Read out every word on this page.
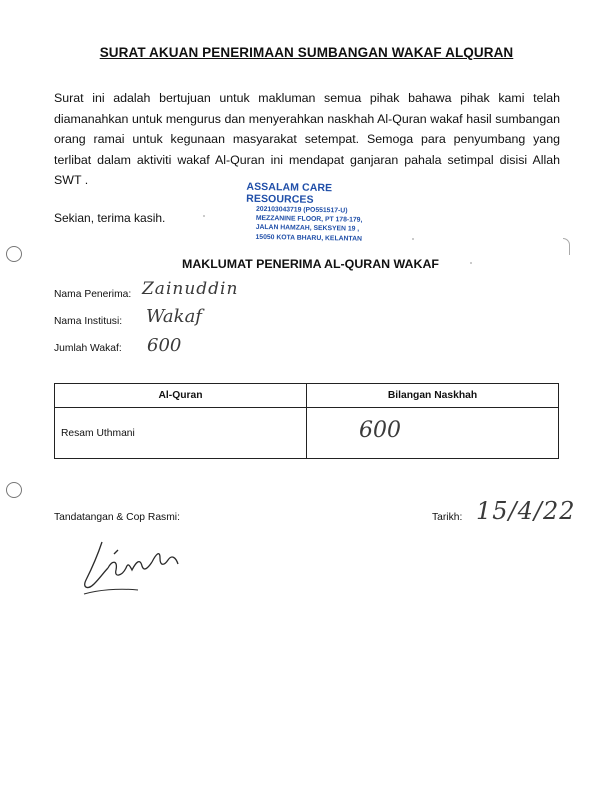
SURAT AKUAN PENERIMAAN SUMBANGAN WAKAF ALQURAN

Surat ini adalah bertujuan untuk makluman semua pihak bahawa pihak kami telah diamanahkan untuk mengurus dan menyerahkan naskhah Al-Quran wakaf hasil sumbangan orang ramai untuk kegunaan masyarakat setempat. Semoga para penyumbang yang terlibat dalam aktiviti wakaf Al-Quran ini mendapat ganjaran pahala setimpal disisi Allah SWT .

Sekian, terima kasih.
ASSALAM CARE RESOURCES
202103043719 (PO551517-U)
MEZZANINE FLOOR, PT 178-179,
JALAN HAMZAH, SEKSYEN 19 ,
15050 KOTA BHARU, KELANTAN
MAKLUMAT PENERIMA AL-QURAN WAKAF
Nama Penerima: Zainuddin
Nama Institusi: Wakaf
Jumlah Wakaf: 600
Al-Quran	Bilangan Naskhah
Resam Uthmani	600
Tandatangan & Cop Rasmi:	Tarikh: 15/4/22
